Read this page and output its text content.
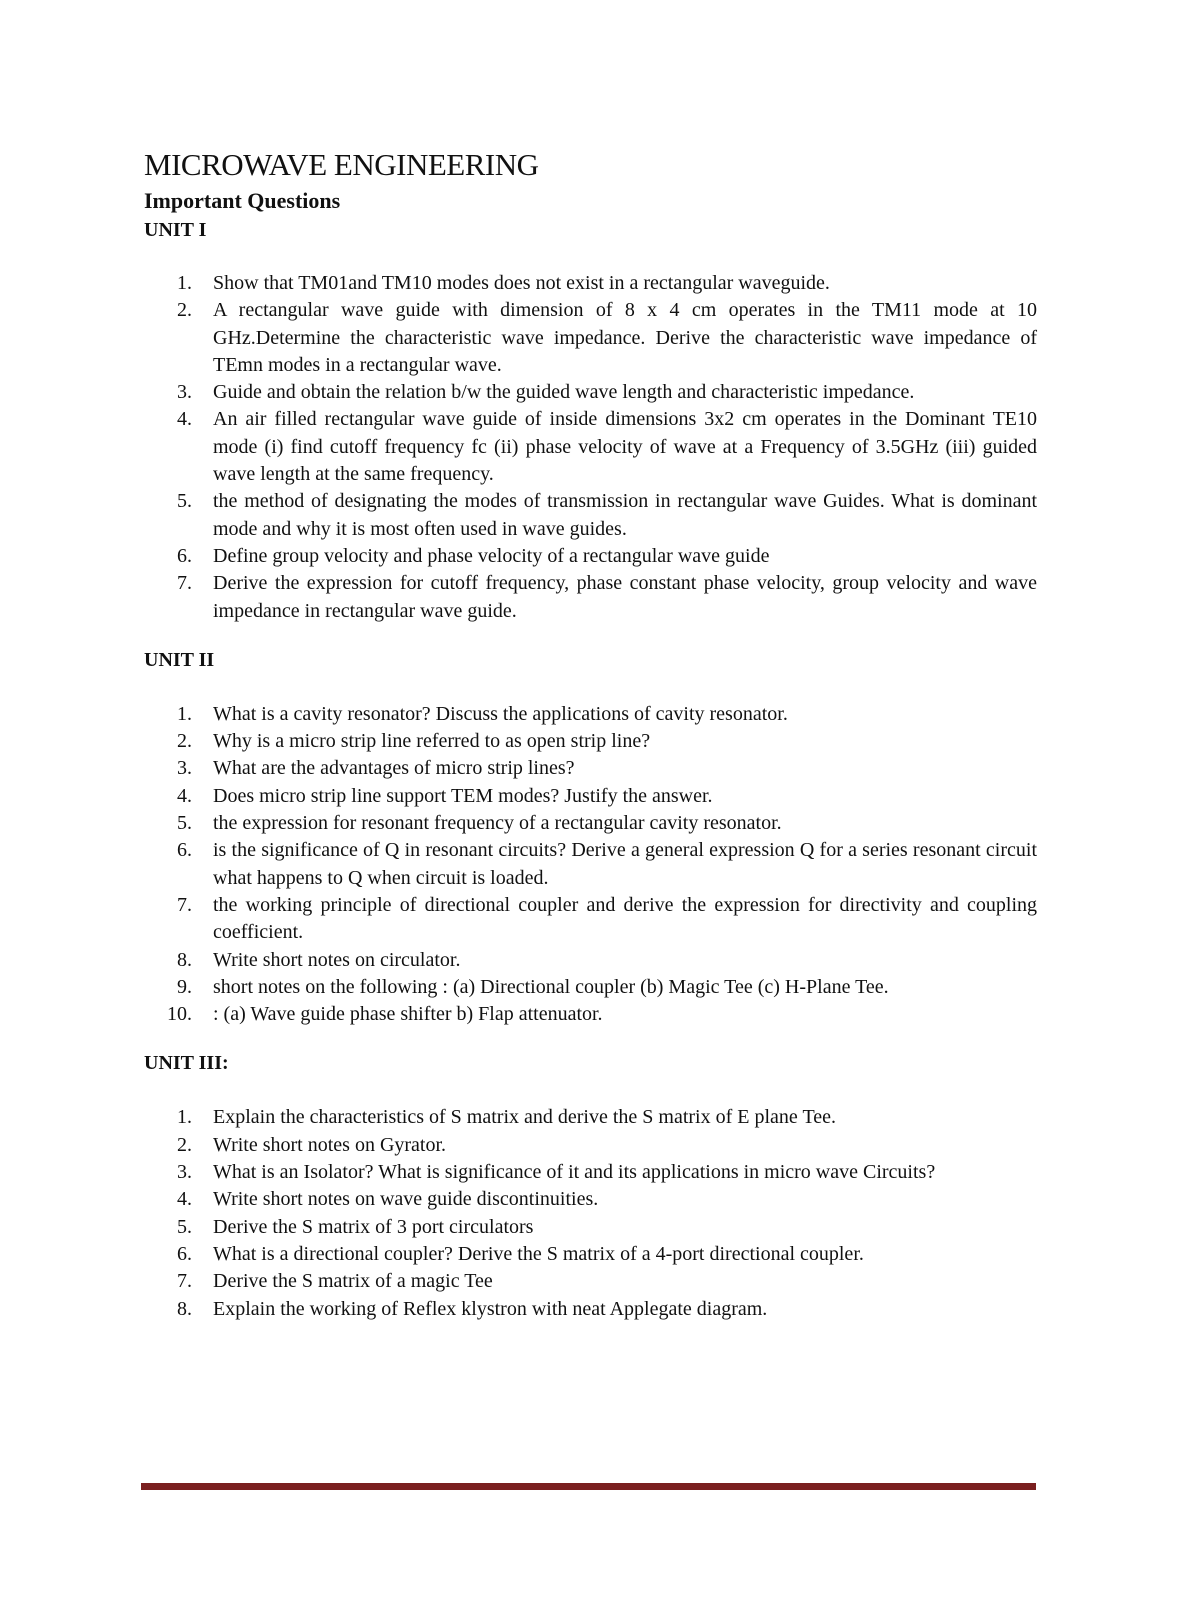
MICROWAVE ENGINEERING
Important Questions
UNIT I
1. Show that TM01and TM10 modes does not exist in a rectangular waveguide.
2. A rectangular wave guide with dimension of 8 x 4 cm operates in the TM11 mode at 10 GHz.Determine the characteristic wave impedance. Derive the characteristic wave impedance of TEmn modes in a rectangular wave.
3. Guide and obtain the relation b/w the guided wave length and characteristic impedance.
4. An air filled rectangular wave guide of inside dimensions 3x2 cm operates in the Dominant TE10 mode (i) find cutoff frequency fc (ii) phase velocity of wave at a Frequency of 3.5GHz (iii) guided wave length at the same frequency.
5. the method of designating the modes of transmission in rectangular wave Guides. What is dominant mode and why it is most often used in wave guides.
6. Define group velocity and phase velocity of a rectangular wave guide
7. Derive the expression for cutoff frequency, phase constant phase velocity, group velocity and wave impedance in rectangular wave guide.
UNIT II
1. What is a cavity resonator? Discuss the applications of cavity resonator.
2. Why is a micro strip line referred to as open strip line?
3. What are the advantages of micro strip lines?
4. Does micro strip line support TEM modes? Justify the answer.
5. the expression for resonant frequency of a rectangular cavity resonator.
6. is the significance of Q in resonant circuits? Derive a general expression Q for a series resonant circuit what happens to Q when circuit is loaded.
7. the working principle of directional coupler and derive the expression for directivity and coupling coefficient.
8. Write short notes on circulator.
9. short notes on the following : (a) Directional coupler (b) Magic Tee (c) H-Plane Tee.
10. : (a) Wave guide phase shifter b) Flap attenuator.
UNIT III:
1. Explain the characteristics of S matrix and derive the S matrix of E plane Tee.
2. Write short notes on Gyrator.
3. What is an Isolator? What is significance of it and its applications in micro wave Circuits?
4. Write short notes on wave guide discontinuities.
5. Derive the S matrix of 3 port circulators
6. What is a directional coupler? Derive the S matrix of a 4-port directional coupler.
7. Derive the S matrix of a magic Tee
8. Explain the working of Reflex klystron with neat Applegate diagram.
